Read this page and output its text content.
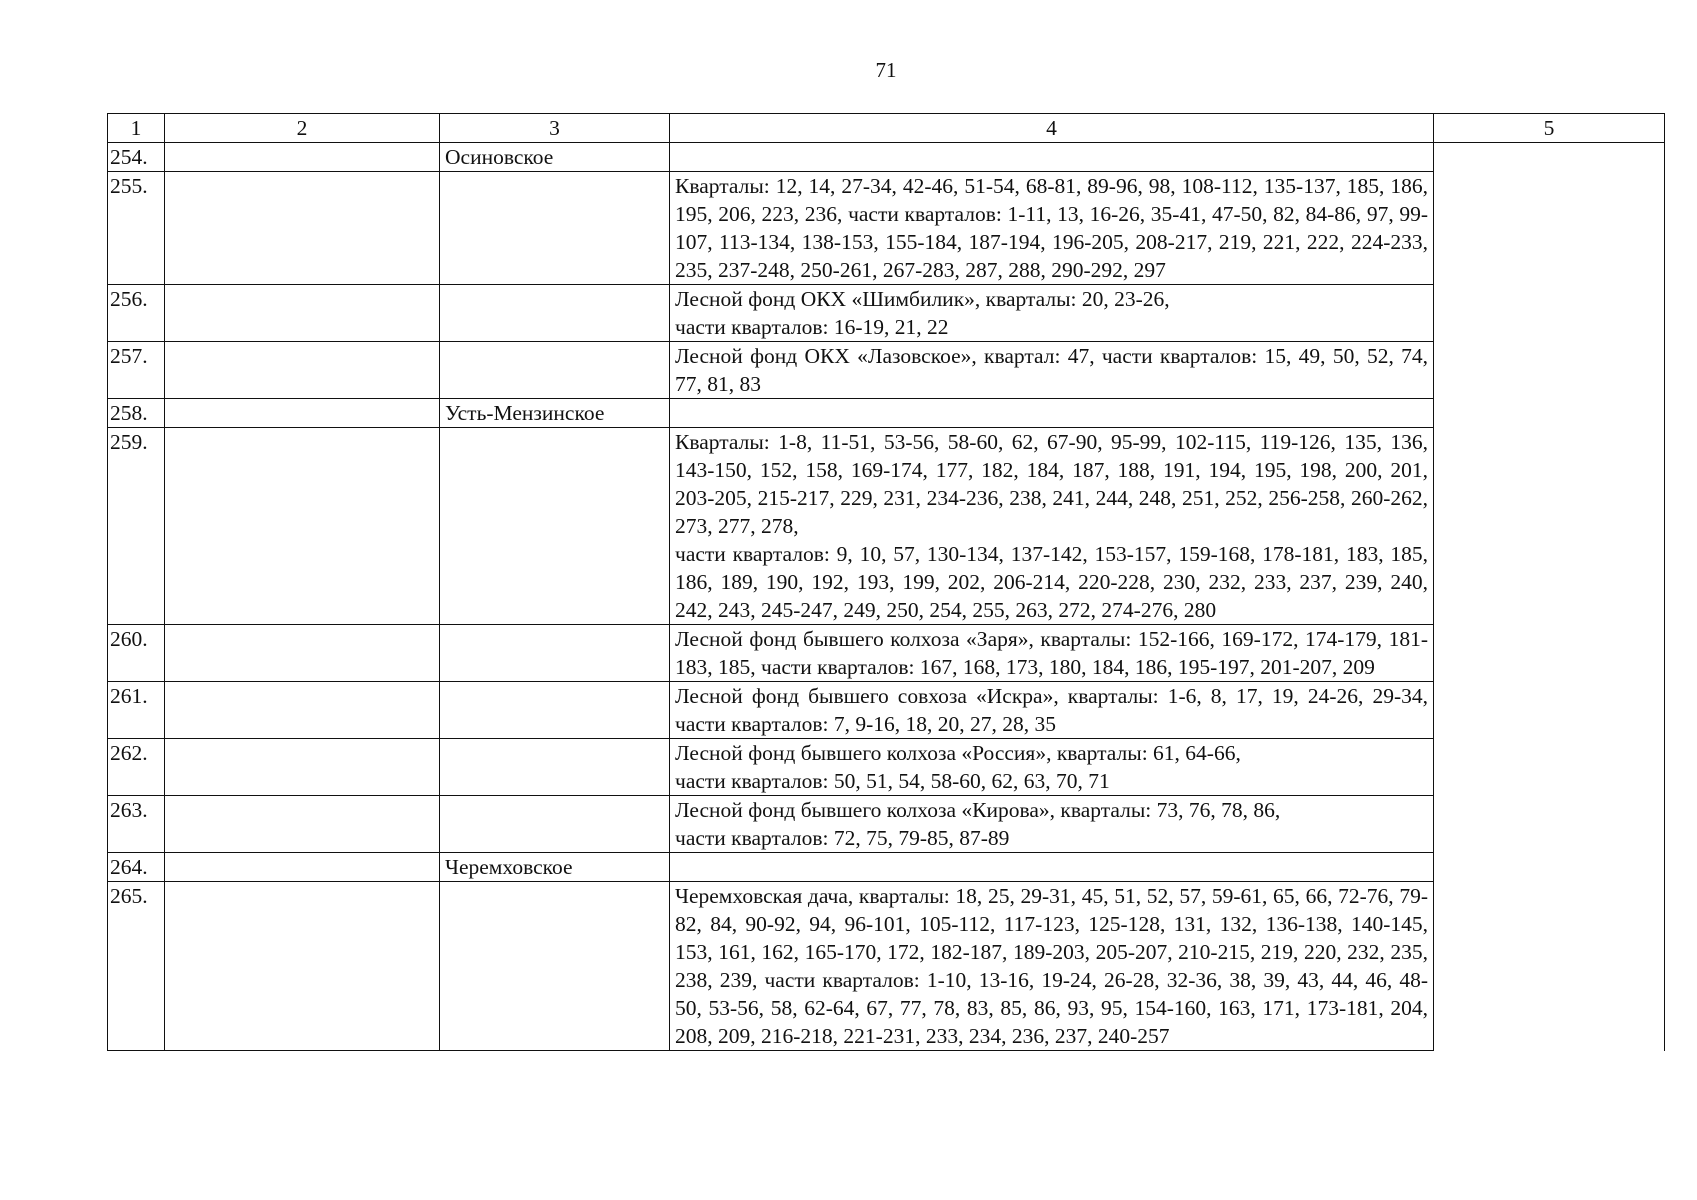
71
1	2	3	4	5
254.		Осиновское		
255.			Кварталы: 12, 14, 27-34, 42-46, 51-54, 68-81, 89-96, 98, 108-112, 135-137, 185, 186, 195, 206, 223, 236, части кварталов: 1-11, 13, 16-26, 35-41, 47-50, 82, 84-86, 97, 99-107, 113-134, 138-153, 155-184, 187-194, 196-205, 208-217, 219, 221, 222, 224-233, 235, 237-248, 250-261, 267-283, 287, 288, 290-292, 297	

256.			Лесной фонд ОКХ «Шимбилик», кварталы: 20, 23-26,
части кварталов: 16-19, 21, 22	

257.			Лесной фонд ОКХ «Лазовское», квартал: 47, части кварталов: 15, 49, 50, 52, 74, 77, 81, 83	

258.		Усть-Мензинское		
259.			Кварталы: 1-8, 11-51, 53-56, 58-60, 62, 67-90, 95-99, 102-115, 119-126, 135, 136, 143-150, 152, 158, 169-174, 177, 182, 184, 187, 188, 191, 194, 195, 198, 200, 201, 203-205, 215-217, 229, 231, 234-236, 238, 241, 244, 248, 251, 252, 256-258, 260-262, 273, 277, 278,
части кварталов: 9, 10, 57, 130-134, 137-142, 153-157, 159-168, 178-181, 183, 185, 186, 189, 190, 192, 193, 199, 202, 206-214, 220-228, 230, 232, 233, 237, 239, 240, 242, 243, 245-247, 249, 250, 254, 255, 263, 272, 274-276, 280	

260.			Лесной фонд бывшего колхоза «Заря», кварталы: 152-166, 169-172, 174-179, 181-183, 185, части кварталов: 167, 168, 173, 180, 184, 186, 195-197, 201-207, 209	

261.			Лесной фонд бывшего совхоза «Искра», кварталы: 1-6, 8, 17, 19, 24-26, 29-34, части кварталов: 7, 9-16, 18, 20, 27, 28, 35	

262.			Лесной фонд бывшего колхоза «Россия», кварталы: 61, 64-66,
части кварталов: 50, 51, 54, 58-60, 62, 63, 70, 71	

263.			Лесной фонд бывшего колхоза «Кирова», кварталы: 73, 76, 78, 86,
части кварталов: 72, 75, 79-85, 87-89	

264.		Черемховское		
265.			Черемховская дача, кварталы: 18, 25, 29-31, 45, 51, 52, 57, 59-61, 65, 66, 72-76, 79-82, 84, 90-92, 94, 96-101, 105-112, 117-123, 125-128, 131, 132, 136-138, 140-145, 153, 161, 162, 165-170, 172, 182-187, 189-203, 205-207, 210-215, 219, 220, 232, 235, 238, 239, части кварталов: 1-10, 13-16, 19-24, 26-28, 32-36, 38, 39, 43, 44, 46, 48-50, 53-56, 58, 62-64, 67, 77, 78, 83, 85, 86, 93, 95, 154-160, 163, 171, 173-181, 204, 208, 209, 216-218, 221-231, 233, 234, 236, 237, 240-257	
